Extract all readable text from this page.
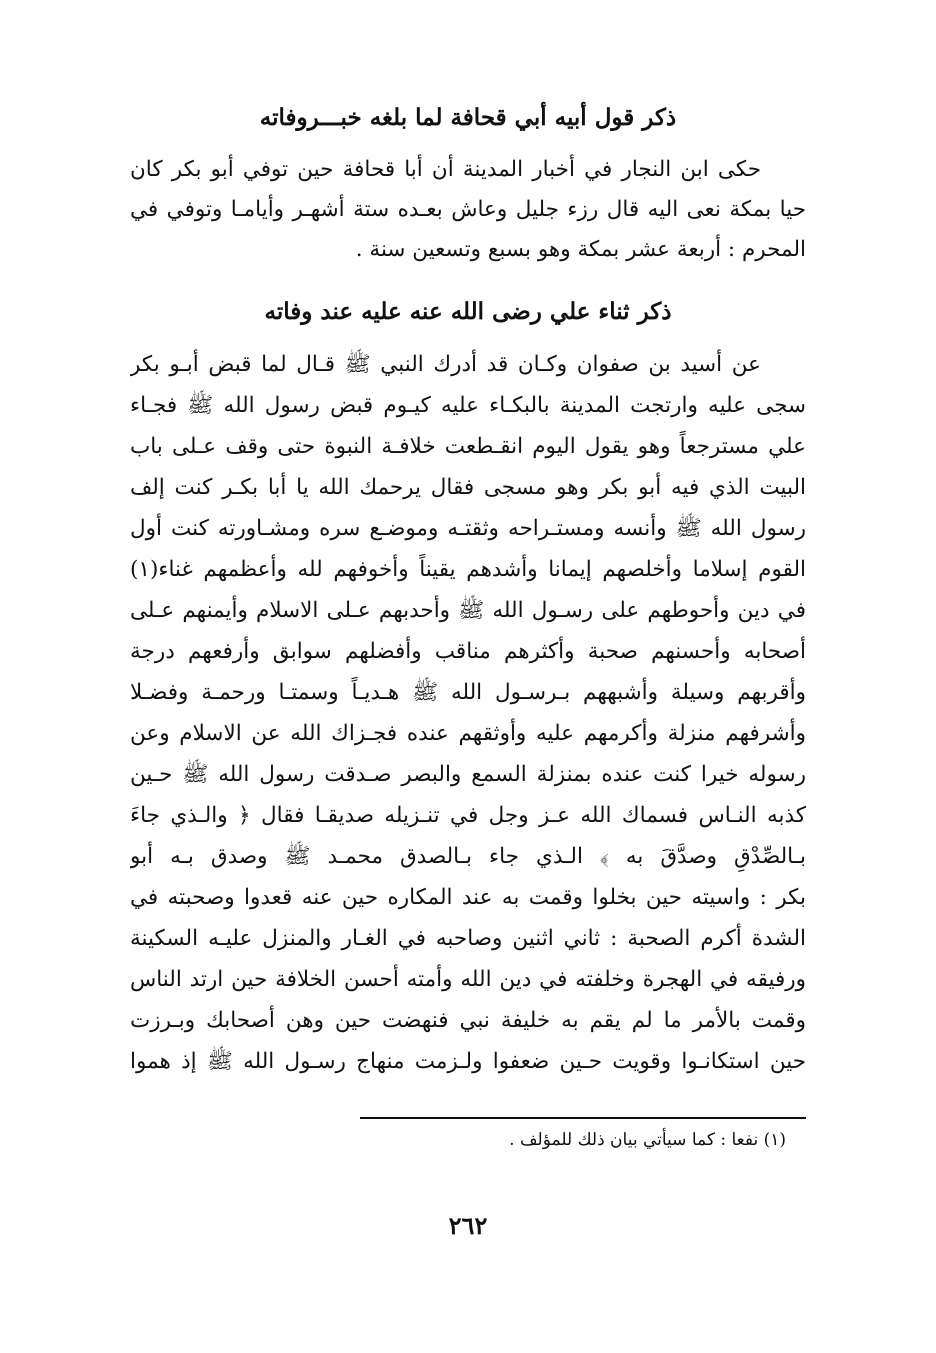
ذكر قول أبيه أبي قحافة لما بلغه خبـــروفاته
حكى ابن النجار في أخبار المدينة أن أبا قحافة حين توفي أبو بكر كان
حيا بمكة نعى اليه قال رزء جليل وعاش بعـده ستة أشهـر وأيامـا وتوفي في
المحرم : أربعة عشر بمكة وهو بسبع وتسعين سنة .
ذكر ثناء علي رضى الله عنه عليه عند وفاته
عن أسيد بن صفوان وكـان قد أدرك النبي ﷺ قـال لما قبض أبـو بكر
سجى عليه وارتجت المدينة بالبكـاء عليه كيـوم قبض رسول الله ﷺ فجـاء
علي مسترجعاً وهو يقول اليوم انقـطعت خلافـة النبوة حتى وقف عـلى باب
البيت الذي فيه أبو بكر وهو مسجى فقال يرحمك الله يا أبا بكـر كنت إلف
رسول الله ﷺ وأنسه ومستـراحه وثقتـه وموضـع سره ومشـاورته كنت أول
القوم إسلاما وأخلصهم إيمانا وأشدهم يقيناً وأخوفهم لله وأعظمهم غناء(١)
في دين وأحوطهم على رسـول الله ﷺ وأحدبهم عـلى الاسلام وأيمنهم عـلى
أصحابه وأحسنهم صحبة وأكثرهم مناقب وأفضلهم سوابق وأرفعهم درجة
وأقربهم وسيلة وأشبههم بـرسـول الله ﷺ هـديـاً وسمتـا ورحمـة وفضـلا
وأشرفهم منزلة وأكرمهم عليه وأوثقهم عنده فجـزاك الله عن الاسلام وعن
رسوله خيرا كنت عنده بمنزلة السمع والبصر صـدقت رسول الله ﷺ حـين
كذبه النـاس فسماك الله عـز وجل في تنـزيله صديقـا فقال ﴿ والـذي جاءَ
بـالصِّدْقِ وصدَّقَ به ﴾ الـذي جاء بـالصدق محمـد ﷺ وصدق بـه أبو
بكر : واسيته حين بخلوا وقمت به عند المكاره حين عنه قعدوا وصحبته في
الشدة أكرم الصحبة : ثاني اثنين وصاحبه في الغـار والمنزل عليـه السكينة
ورفيقه في الهجرة وخلفته في دين الله وأمته أحسن الخلافة حين ارتد الناس
وقمت بالأمر ما لم يقم به خليفة نبي فنهضت حين وهن أصحابك وبـرزت
حين استكانـوا وقويت حـين ضعفوا ولـزمت منهاج رسـول الله ﷺ إذ هموا
(١) نفعا : كما سيأتي بيان ذلك للمؤلف .
٢٦٢
